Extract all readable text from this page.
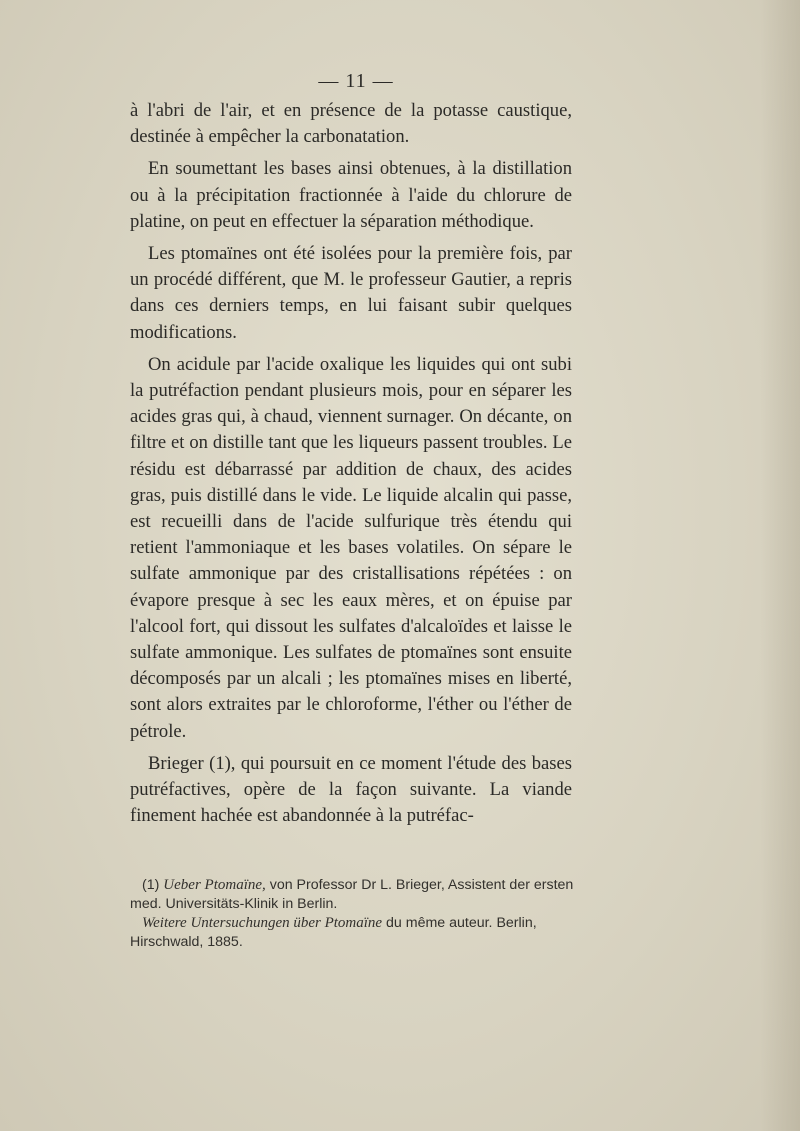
— 11 —

à l'abri de l'air, et en présence de la potasse caustique, destinée à empêcher la carbonatation.

En soumettant les bases ainsi obtenues, à la distillation ou à la précipitation fractionnée à l'aide du chlorure de platine, on peut en effectuer la séparation méthodique.

Les ptomaïnes ont été isolées pour la première fois, par un procédé différent, que M. le professeur Gautier, a repris dans ces derniers temps, en lui faisant subir quelques modifications.

On acidule par l'acide oxalique les liquides qui ont subi la putréfaction pendant plusieurs mois, pour en séparer les acides gras qui, à chaud, viennent surnager. On décante, on filtre et on distille tant que les liqueurs passent troubles. Le résidu est débarrassé par addition de chaux, des acides gras, puis distillé dans le vide. Le liquide alcalin qui passe, est recueilli dans de l'acide sulfurique très étendu qui retient l'ammoniaque et les bases volatiles. On sépare le sulfate ammonique par des cristallisations répétées : on évapore presque à sec les eaux mères, et on épuise par l'alcool fort, qui dissout les sulfates d'alcaloïdes et laisse le sulfate ammonique. Les sulfates de ptomaïnes sont ensuite décomposés par un alcali ; les ptomaïnes mises en liberté, sont alors extraites par le chloroforme, l'éther ou l'éther de pétrole.

Brieger (1), qui poursuit en ce moment l'étude des bases putréfactives, opère de la façon suivante. La viande finement hachée est abandonnée à la putréfac-

(1) Ueber Ptomaïne, von Professor Dr L. Brieger, Assistent der ersten med. Universitäts-Klinik in Berlin.

Weitere Untersuchungen über Ptomaïne du même auteur. Berlin, Hirschwald, 1885.
